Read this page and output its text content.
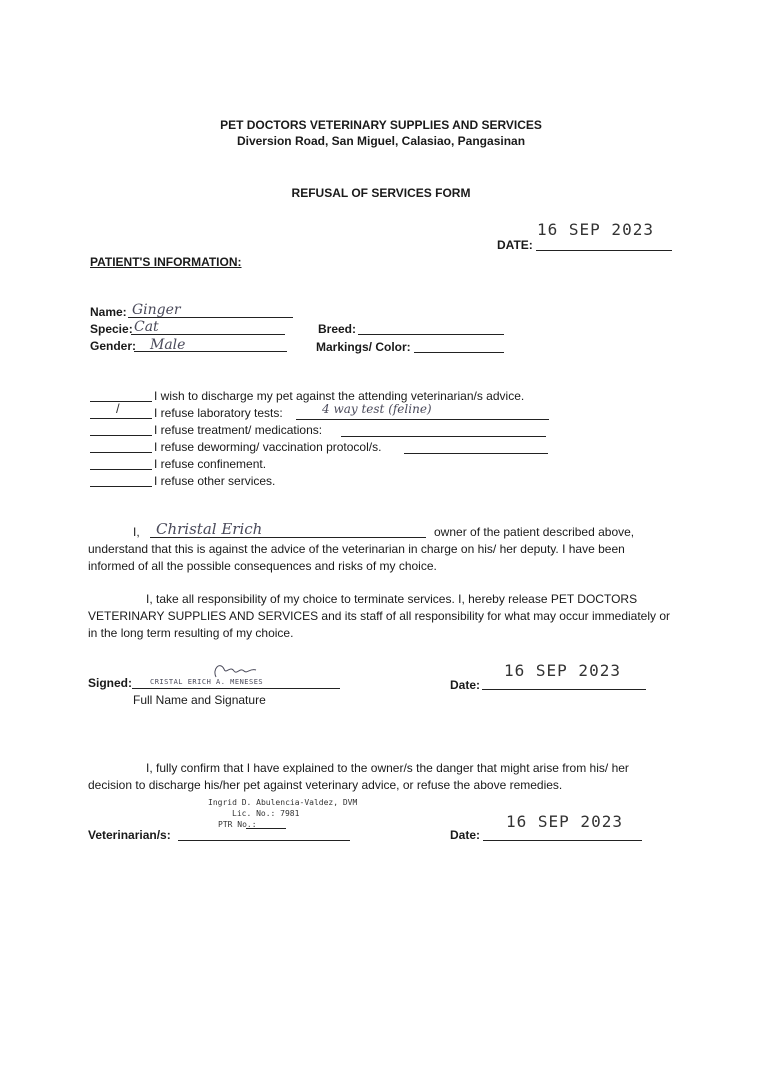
PET DOCTORS VETERINARY SUPPLIES AND SERVICES
Diversion Road, San Miguel, Calasiao, Pangasinan
REFUSAL OF SERVICES FORM
16 SEP 2023
DATE:
PATIENT'S INFORMATION:
Name: Ginger
Specie: Cat
Gender: Male
Breed:
Markings/ Color:
I wish to discharge my pet against the attending veterinarian/s advice.
/	I refuse laboratory tests:	4 way test (feline)
I refuse treatment/ medications:
I refuse deworming/ vaccination protocol/s.
I refuse confinement.
I refuse other services.
I, Christal Erich	owner of the patient described above,
understand that this is against the advice of the veterinarian in charge on his/ her deputy. I have been
informed of all the possible consequences and risks of my choice.
I, take all responsibility of my choice to terminate services. I, hereby release PET DOCTORS
VETERINARY SUPPLIES AND SERVICES and its staff of all responsibility for what may occur immediately or
in the long term resulting of my choice.
Signed:	CRISTAL ERICH A. MENESES
Full Name and Signature
16 SEP 2023
Date:
I, fully confirm that I have explained to the owner/s the danger that might arise from his/ her
decision to discharge his/her pet against veterinary advice, or refuse the above remedies.
Ingrid D. Abulencia-Valdez, DVM
Lic. No.: 7981
PTR No.:
Veterinarian/s:
16 SEP 2023
Date:
